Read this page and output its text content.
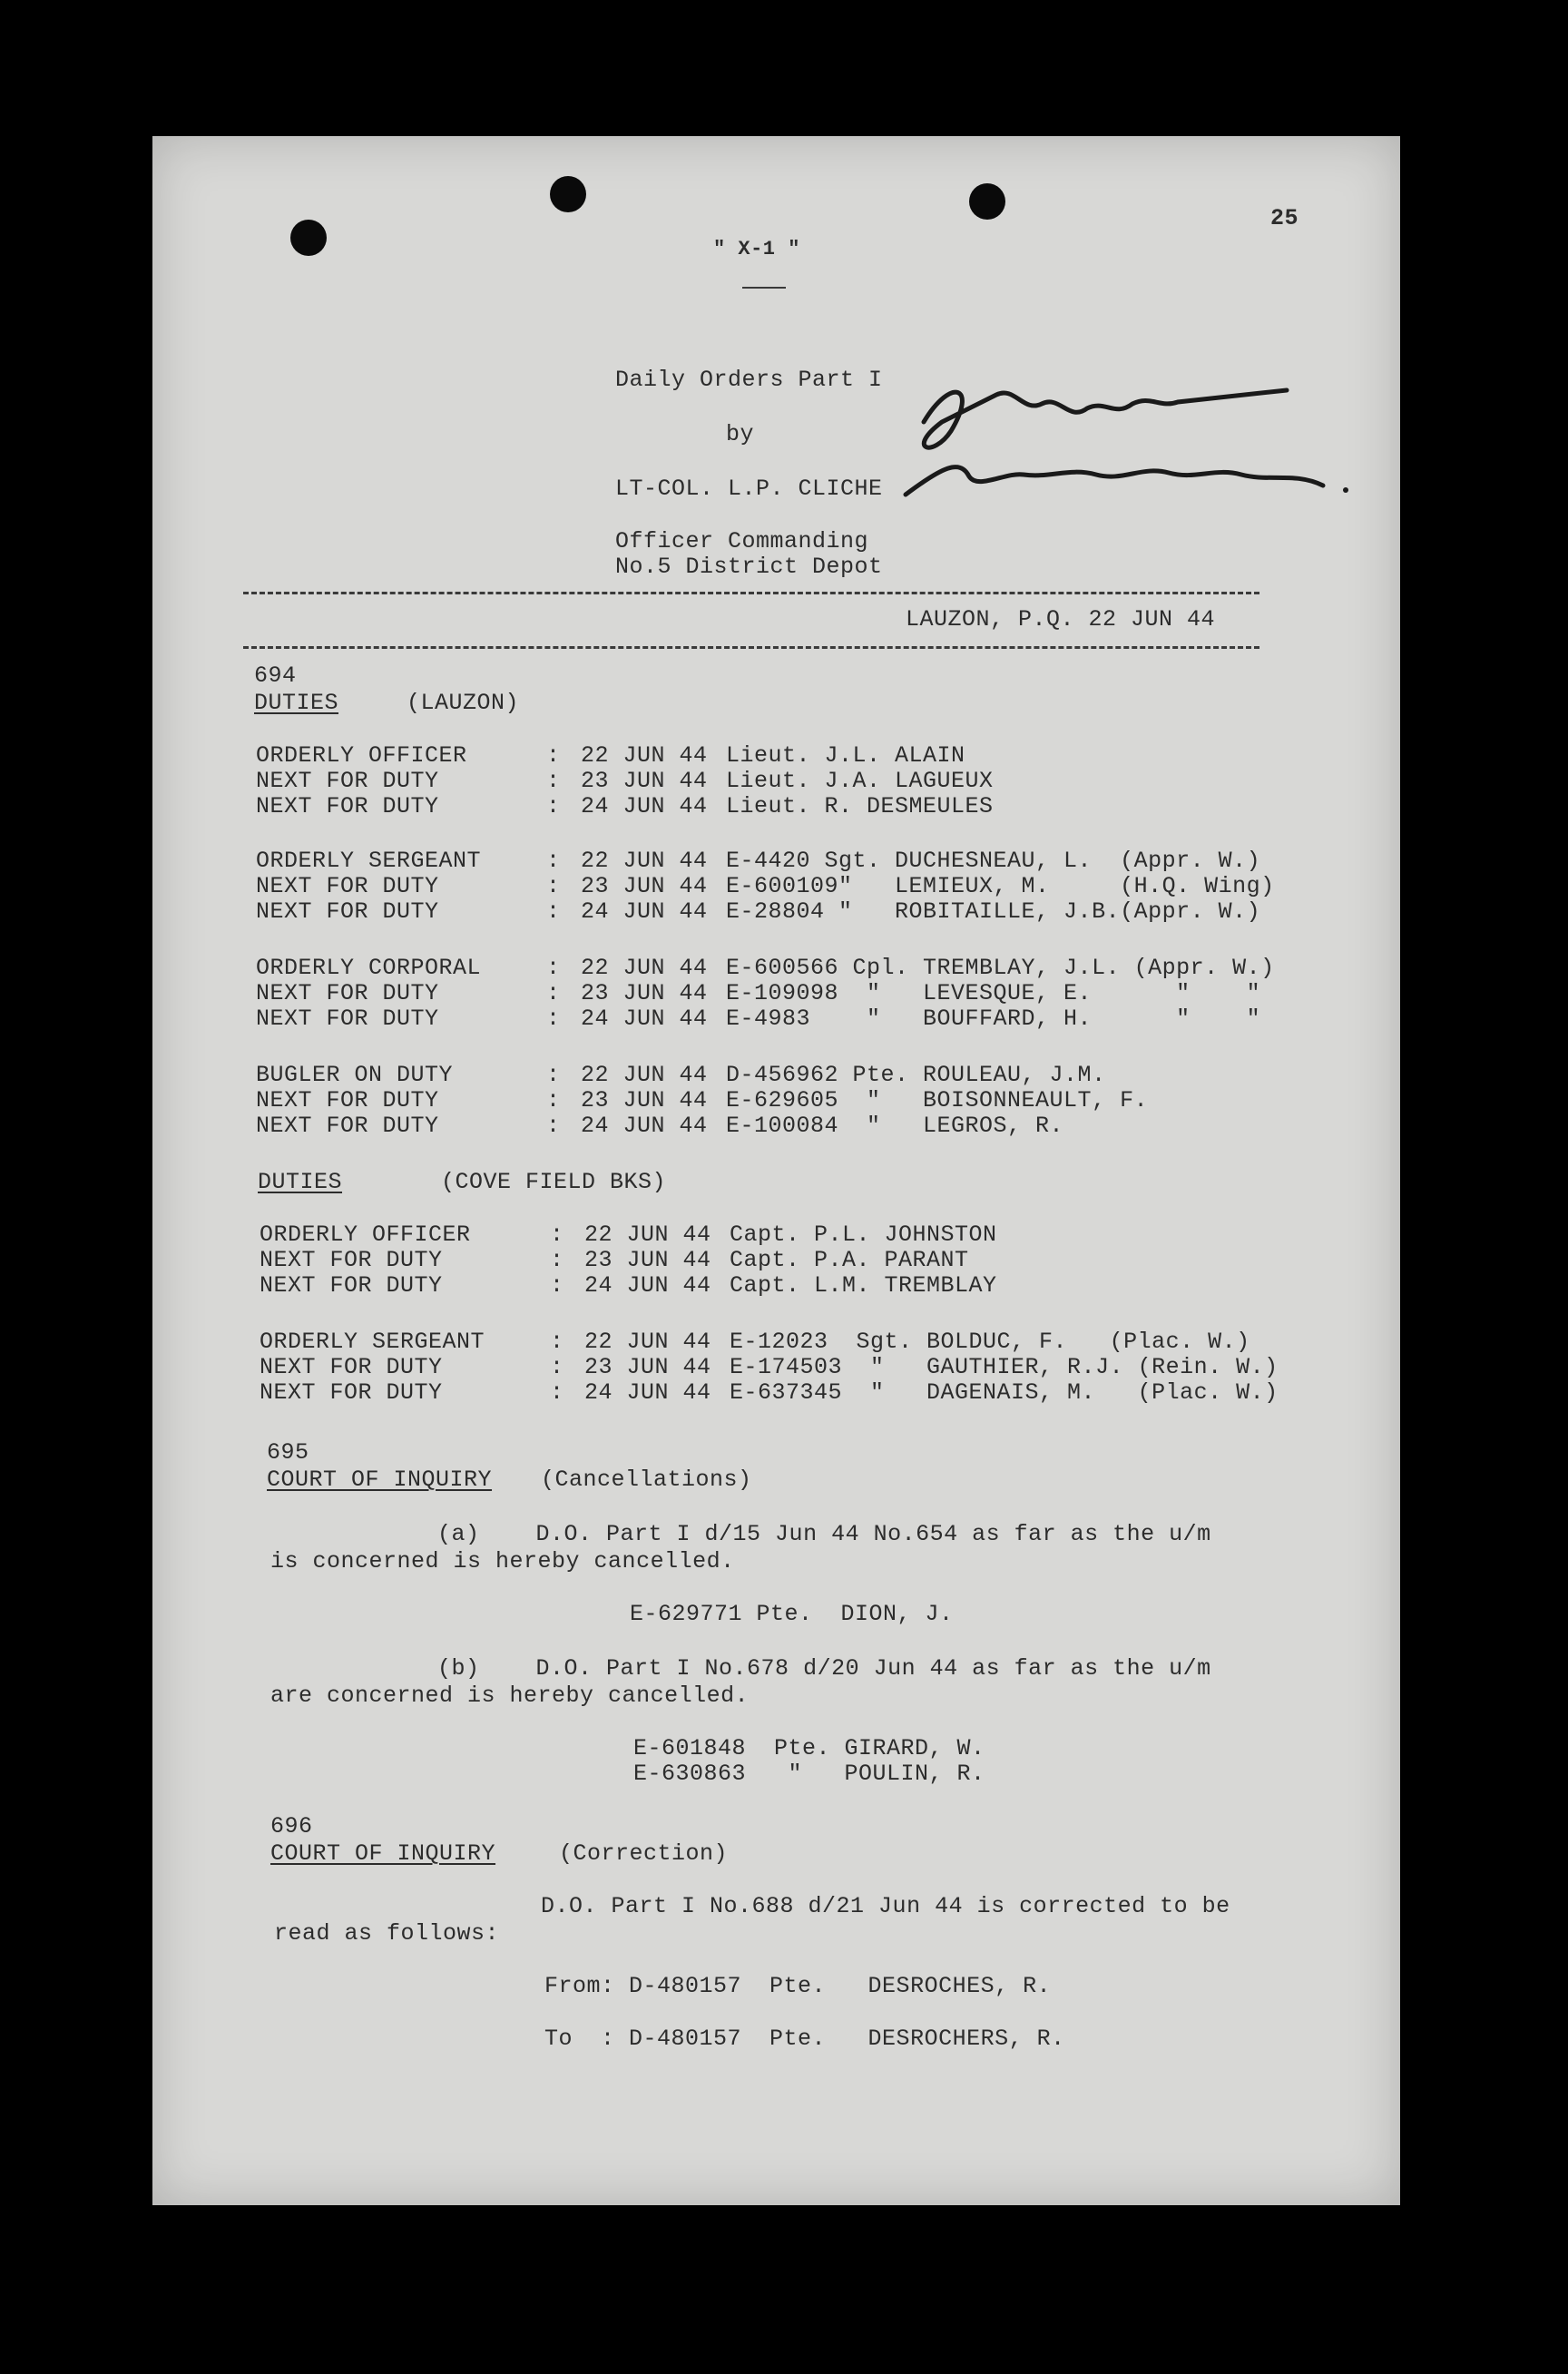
25
" X-1 "
Daily Orders Part I
by
LT-COL. L.P. CLICHE
Officer Commanding
No.5 District Depot
LAUZON, P.Q. 22 JUN 44
694
DUTIES	(LAUZON)
ORDERLY OFFICER	: 22 JUN 44 Lieut. J.L. ALAIN
NEXT FOR DUTY	: 23 JUN 44 Lieut. J.A. LAGUEUX
NEXT FOR DUTY	: 24 JUN 44 Lieut. R. DESMEULES
ORDERLY SERGEANT	: 22 JUN 44 E-4420 Sgt. DUCHESNEAU, L.  (Appr. W.)
NEXT FOR DUTY	: 23 JUN 44 E-600109"   LEMIEUX, M.     (H.Q. Wing)
NEXT FOR DUTY	: 24 JUN 44 E-28804 "   ROBITAILLE, J.B.(Appr. W.)
ORDERLY CORPORAL	: 22 JUN 44 E-600566 Cpl. TREMBLAY, J.L. (Appr. W.)
NEXT FOR DUTY	: 23 JUN 44 E-109098  "   LEVESQUE, E.      "    "
NEXT FOR DUTY	: 24 JUN 44 E-4983    "   BOUFFARD, H.      "    "
BUGLER ON DUTY	: 22 JUN 44 D-456962 Pte. ROULEAU, J.M.
NEXT FOR DUTY	: 23 JUN 44 E-629605  "   BOISONNEAULT, F.
NEXT FOR DUTY	: 24 JUN 44 E-100084  "   LEGROS, R.
DUTIES	(COVE FIELD BKS)
ORDERLY OFFICER	: 22 JUN 44 Capt. P.L. JOHNSTON
NEXT FOR DUTY	: 23 JUN 44 Capt. P.A. PARANT
NEXT FOR DUTY	: 24 JUN 44 Capt. L.M. TREMBLAY
ORDERLY SERGEANT	: 22 JUN 44 E-12023  Sgt. BOLDUC, F.   (Plac. W.)
NEXT FOR DUTY	: 23 JUN 44 E-174503  "   GAUTHIER, R.J. (Rein. W.)
NEXT FOR DUTY	: 24 JUN 44 E-637345  "   DAGENAIS, M.   (Plac. W.)
695
COURT OF INQUIRY (Cancellations)
(a)    D.O. Part I d/15 Jun 44 No.654 as far as the u/m
is concerned is hereby cancelled.
E-629771 Pte.  DION, J.
(b)    D.O. Part I No.678 d/20 Jun 44 as far as the u/m
are concerned is hereby cancelled.
E-601848  Pte. GIRARD, W.
E-630863   "   POULIN, R.
696
COURT OF INQUIRY	(Correction)
D.O. Part I No.688 d/21 Jun 44 is corrected to be
read as follows:
From: D-480157  Pte.   DESROCHES, R.
To  : D-480157  Pte.   DESROCHERS, R.
